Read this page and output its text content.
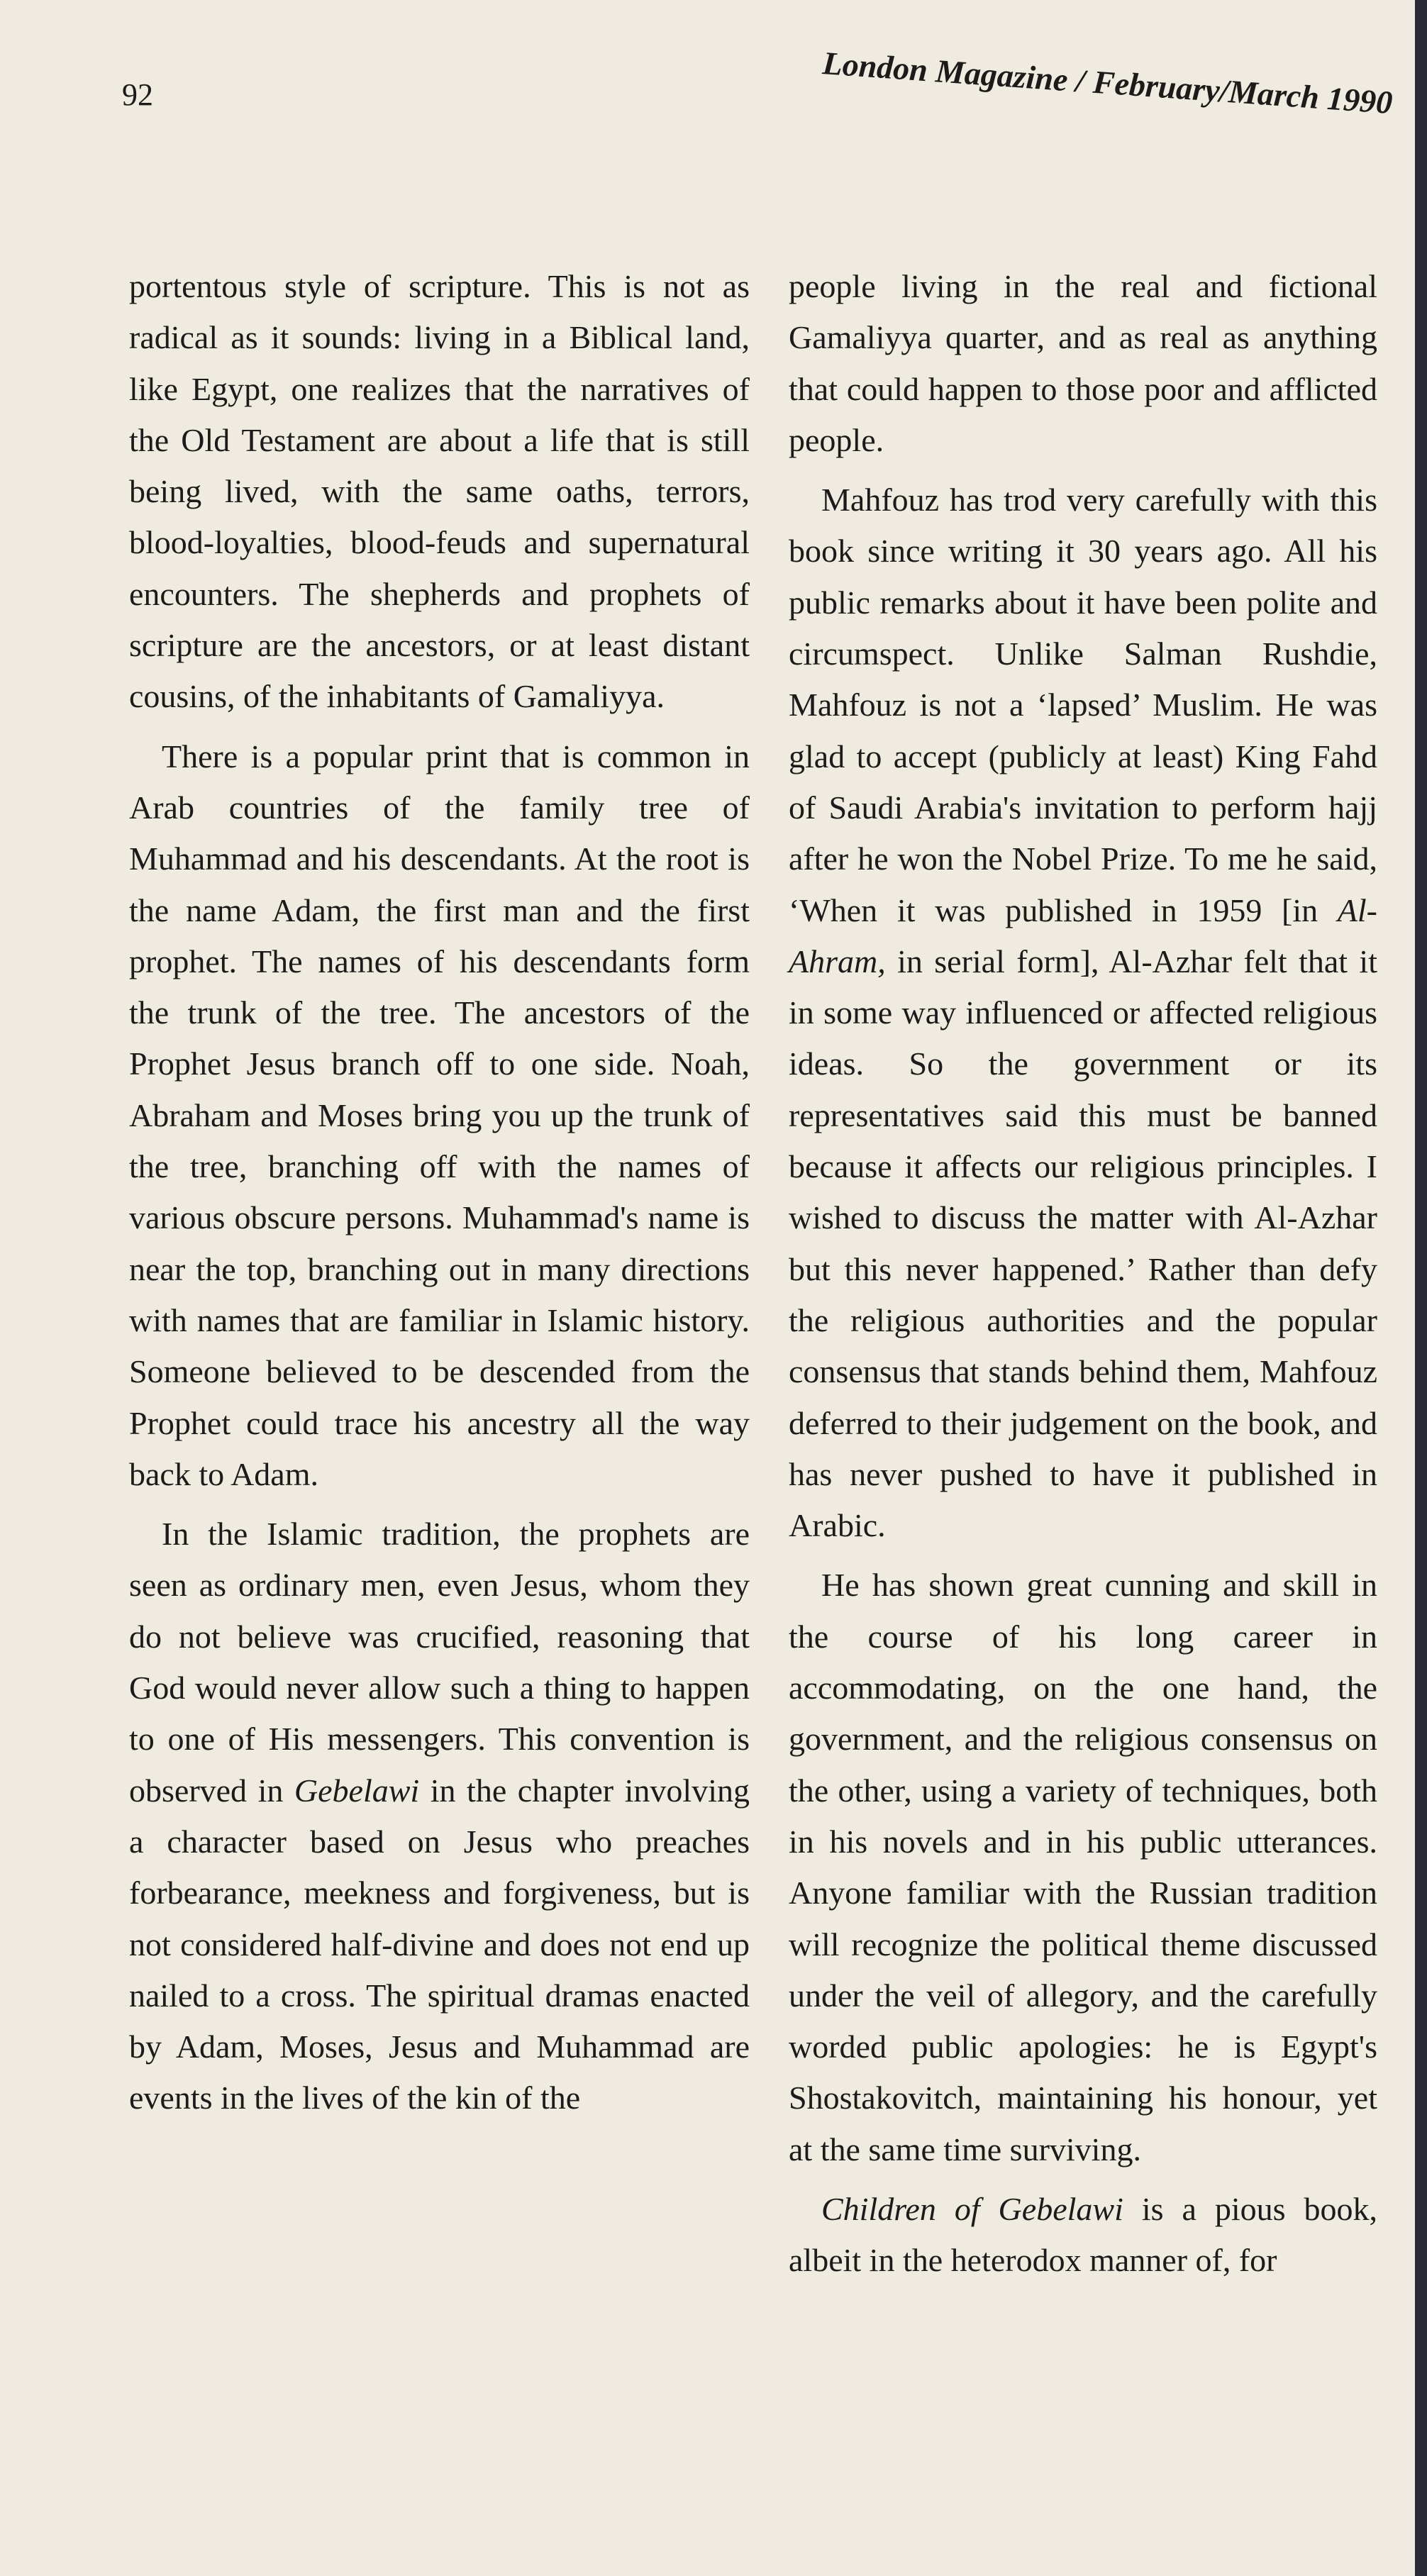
92	London Magazine / February/March 1990

portentous style of scripture. This is not as radical as it sounds: living in a Biblical land, like Egypt, one realizes that the narratives of the Old Testament are about a life that is still being lived, with the same oaths, terrors, blood-loyalties, blood-feuds and supernatural encounters. The shepherds and prophets of scripture are the ancestors, or at least distant cousins, of the inhabitants of Gamaliyya.

There is a popular print that is common in Arab countries of the family tree of Muhammad and his descendants. At the root is the name Adam, the first man and the first prophet. The names of his descendants form the trunk of the tree. The ancestors of the Prophet Jesus branch off to one side. Noah, Abraham and Moses bring you up the trunk of the tree, branching off with the names of various obscure persons. Muhammad's name is near the top, branching out in many directions with names that are familiar in Islamic history. Someone believed to be descended from the Prophet could trace his ancestry all the way back to Adam.

In the Islamic tradition, the prophets are seen as ordinary men, even Jesus, whom they do not believe was crucified, reasoning that God would never allow such a thing to happen to one of His messengers. This convention is observed in Gebelawi in the chapter involving a character based on Jesus who preaches forbearance, meekness and forgiveness, but is not considered half-divine and does not end up nailed to a cross. The spiritual dramas enacted by Adam, Moses, Jesus and Muhammad are events in the lives of the kin of the

people living in the real and fictional Gamaliyya quarter, and as real as anything that could happen to those poor and afflicted people.

Mahfouz has trod very carefully with this book since writing it 30 years ago. All his public remarks about it have been polite and circumspect. Unlike Salman Rushdie, Mahfouz is not a ‘lapsed’ Muslim. He was glad to accept (publicly at least) King Fahd of Saudi Arabia's invitation to perform hajj after he won the Nobel Prize. To me he said, ‘When it was published in 1959 [in Al-Ahram, in serial form], Al-Azhar felt that it in some way influenced or affected religious ideas. So the government or its representatives said this must be banned because it affects our religious principles. I wished to discuss the matter with Al-Azhar but this never happened.’ Rather than defy the religious authorities and the popular consensus that stands behind them, Mahfouz deferred to their judgement on the book, and has never pushed to have it published in Arabic.

He has shown great cunning and skill in the course of his long career in accommodating, on the one hand, the government, and the religious consensus on the other, using a variety of techniques, both in his novels and in his public utterances. Anyone familiar with the Russian tradition will recognize the political theme discussed under the veil of allegory, and the carefully worded public apologies: he is Egypt's Shostakovitch, maintaining his honour, yet at the same time surviving.

Children of Gebelawi is a pious book, albeit in the heterodox manner of, for
